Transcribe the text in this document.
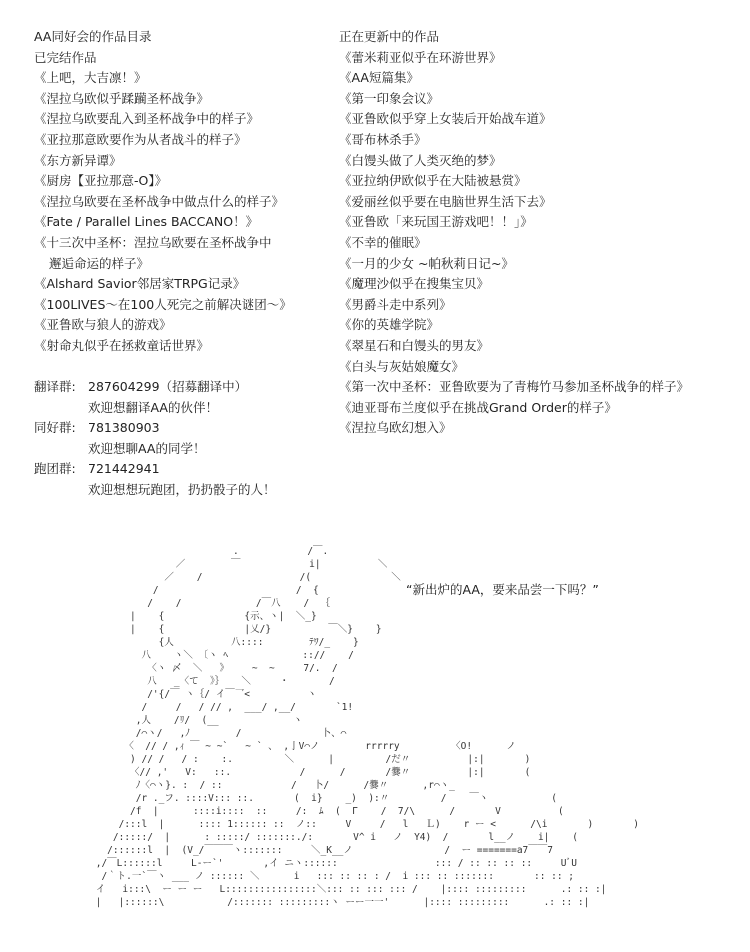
AA同好会的作品目录

已完结作品

《上吧，大吉凛！》

《涅拉乌欧似乎蹂躏圣杯战争》

《涅拉乌欧要乱入到圣杯战争中的样子》

《亚拉那意欧要作为从者战斗的样子》

《东方新异谭》

《厨房【亚拉那意-O】》

《涅拉乌欧要在圣杯战争中做点什么的样子》

《Fate / Parallel Lines BACCANO！》

《十三次中圣杯：涅拉乌欧要在圣杯战争中

邂逅命运的样子》

《Alshard Savior邻居家TRPG记录》

《100LIVES～在100人死完之前解决谜团～》

《亚鲁欧与狼人的游戏》

《射命丸似乎在拯救童话世界》

正在更新中的作品

《蕾米莉亚似乎在环游世界》

《AA短篇集》

《第一印象会议》

《亚鲁欧似乎穿上女装后开始战车道》

《哥布林杀手》

《白馒头做了人类灭绝的梦》

《亚拉纳伊欧似乎在大陆被悬赏》

《爱丽丝似乎要在电脑世界生活下去》

《亚鲁欧「来玩国王游戏吧！！」》

《不幸的催眠》

《一月的少女 ~帕秋莉日记~》

《魔理沙似乎在搜集宝贝》

《男爵斗走中系列》

《你的英雄学院》

《翠星石和白馒头的男友》

《白头与灰姑娘魔女》

《第一次中圣杯：亚鲁欧要为了青梅竹马参加圣杯战争的样子》

《迪亚哥布兰度似乎在挑战Grand Order的样子》

《涅拉乌欧幻想入》

翻译群: 287604299（招募翻译中）

欢迎想翻译AA的伙伴！

同好群: 781380903

欢迎想聊AA的同学！

跑团群: 721442941

欢迎想想玩跑团，扔扔骰子的人！

.            /￣.
／        ￣            i|          ＼
／    /                 /(              ＼
/                        /  {                   '
/    /             /￣八    /  ｛
|    {              {示、ヽ|  ＼_}
|    {              |乂/}          ￣＼}    }
{人          八::::        ﾃﾜ/_    }
八    ヽ＼ 〔ヽ ﾍ             :://    /
〈ヽ 〆  ＼   》    ~  ~     7/.  /
八   _〈て  》｝   ＼     ・       /
/'{/￣ ヽ｛/ イ￣乛<          ヽ
/     /   / // ,  ___/ ,__/       `1!
,人    /ﾘ/  (__             ヽ
/⌒ヽ/   ,ﾉ        /              卜、⌒
〈  // / ,ｨ ￣ ~ ~`   ~ ` 、 ,亅V⌒ノ        rrrrry         〈O!      ノ
) // /   / :    :.         ＼      |         /だ〃          |:|       )
〈// ,'   V:   ::.            /      /       /爨〃          |:|       (
ﾉ〈⌒ヽ}. :  / ::            /   卜/      /爨〃      ,r⌒ヽ_
/r ._フ. ::::V::: ::.       (  i}    _)  ):〃         /    ￣ヽ           (
/f  |      ::::i::::  ::     /:  ﾑ  (  Γ    /  7/\      /       V          (
/:::l  |      :::: 1:::::: ::  ノ::     V     /   l   Ｌ)    r ー <      /\i       )       )
/:::::/  |      : :::::/ :::::::./:       V^ i   ノ  Y4)  /       l__ノ    i|    (
/::::::l  |  (V_/￣￣￣ヽ:::::::     ＼_K__ノ                /  ー =======a7￣￣7
,/￣L::::::l     L-ー`'       ,イ ニヽ::::::                 ::: / :: :: :: ::     UﾞU
/｀ト.一`￣ヽ ___ ノ :::::: ＼      i   ::: :: :: : /  i ::: :: :::::::       :: :: ;
イ   i:::\  ー ー ー   L::::::::::::::::＼::: :: ::: ::: /    |:::: :::::::::      .: :: :|
|   |::::::\           /::::::: :::::::::ヽ ーー一一'      |:::: :::::::::      .: :: :|
“新出炉的AA，要来品尝一下吗？”
